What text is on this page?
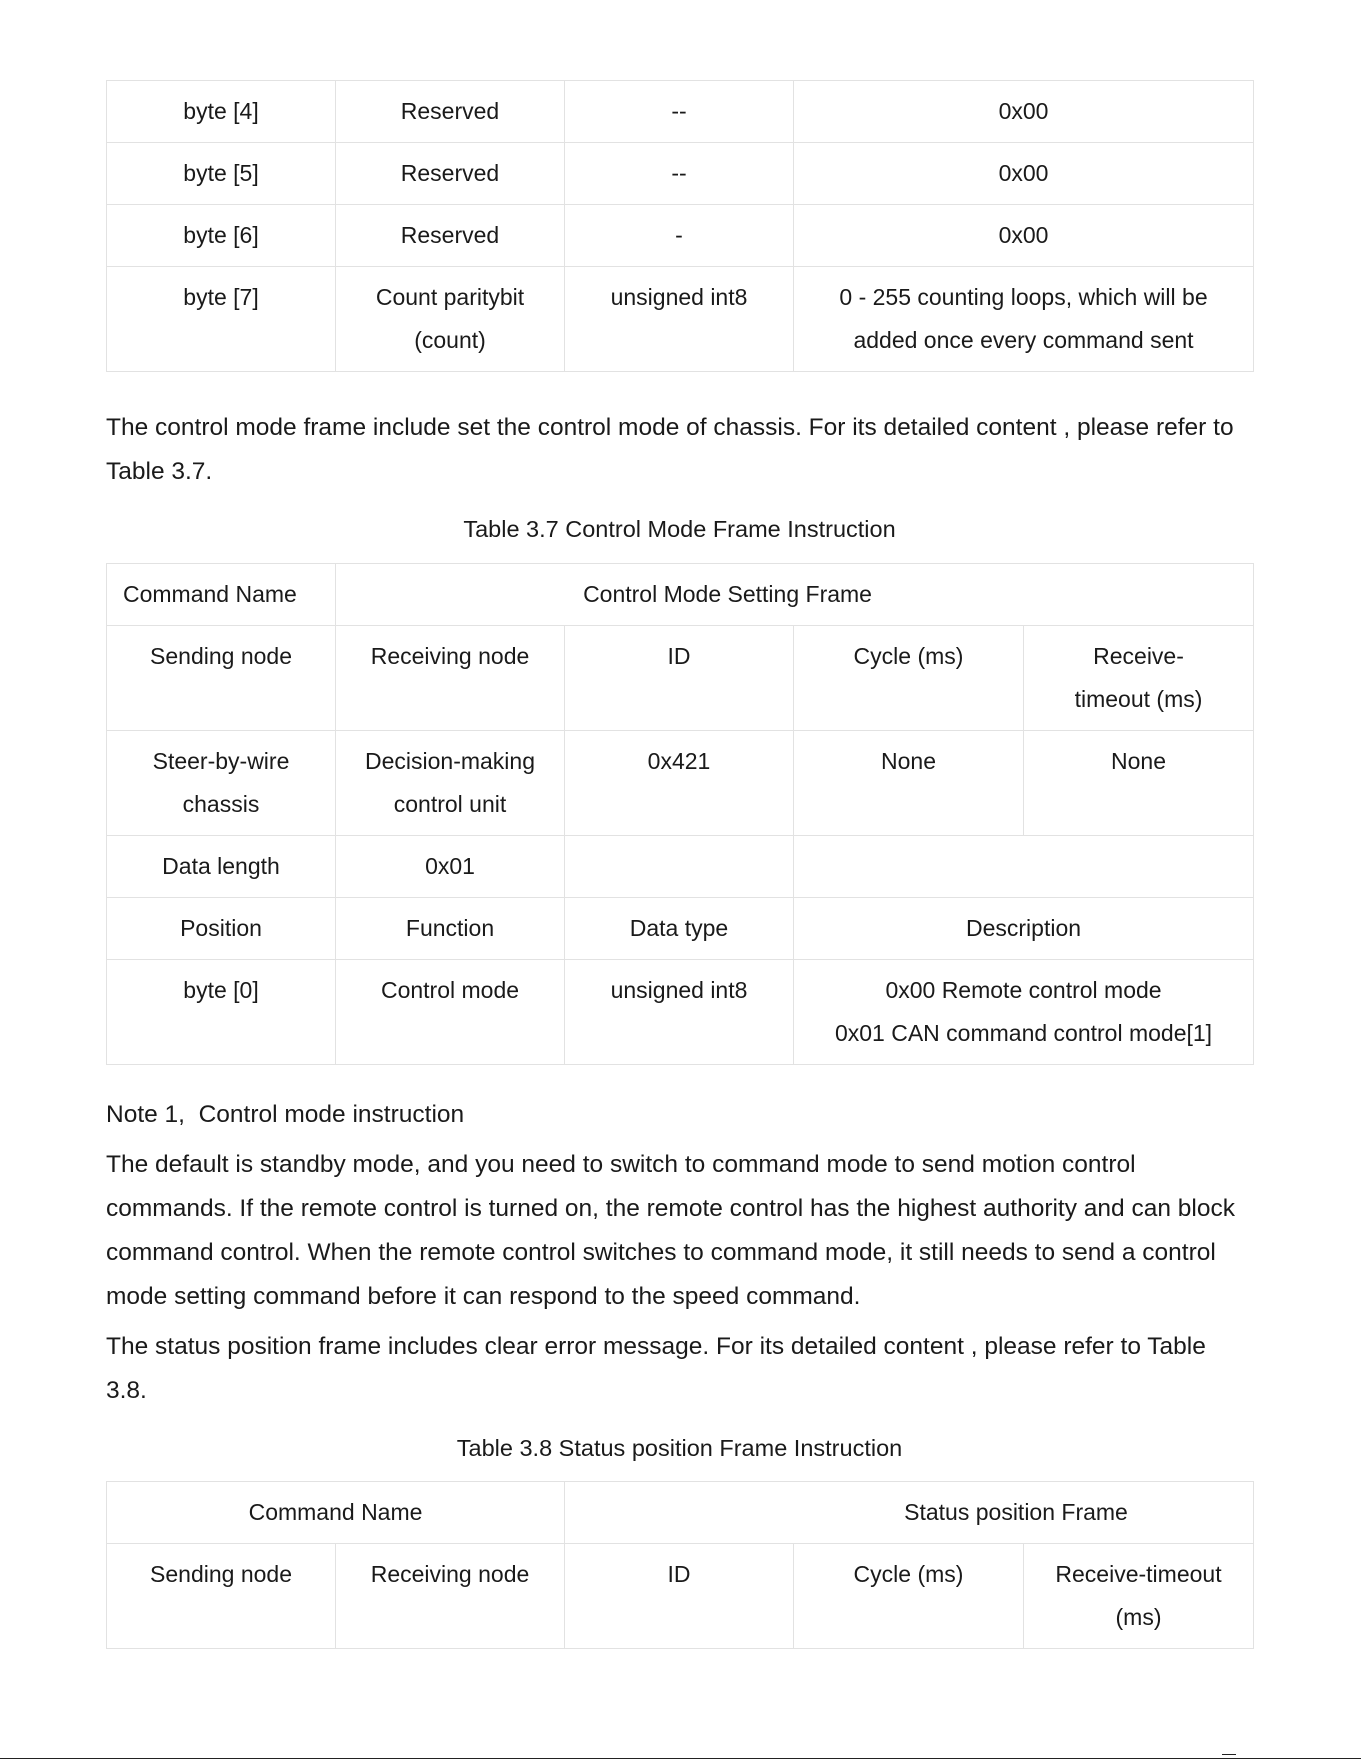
byte [4]	Reserved	--	0x00
byte [5]	Reserved	--	0x00
byte [6]	Reserved	-	0x00
byte [7]	Count paritybit (count)	unsigned int8	0 - 255 counting loops, which will be added once every command sent

The control mode frame include set the control mode of chassis. For its detailed content , please refer to Table 3.7.

Table 3.7 Control Mode Frame Instruction

Command Name	Control Mode Setting Frame			
Sending node	Receiving node	ID	Cycle (ms)	Receive-timeout (ms)
Steer-by-wire chassis	Decision-making control unit	0x421	None	None
Data length	0x01			
Position	Function	Data type	Description	
byte [0]	Control mode	unsigned int8	0x00 Remote control mode
0x01 CAN command control mode[1]	

Note 1,  Control mode instruction

The default is standby mode, and you need to switch to command mode to send motion control commands. If the remote control is turned on, the remote control has the highest authority and can block command control. When the remote control switches to command mode, it still needs to send a control mode setting command before it can respond to the speed command.

The status position frame includes clear error message. For its detailed content , please refer to Table 3.8.

Table 3.8 Status position Frame Instruction

Command Name		Status position Frame		
Sending node	Receiving node	ID	Cycle (ms)	Receive-timeout (ms)
